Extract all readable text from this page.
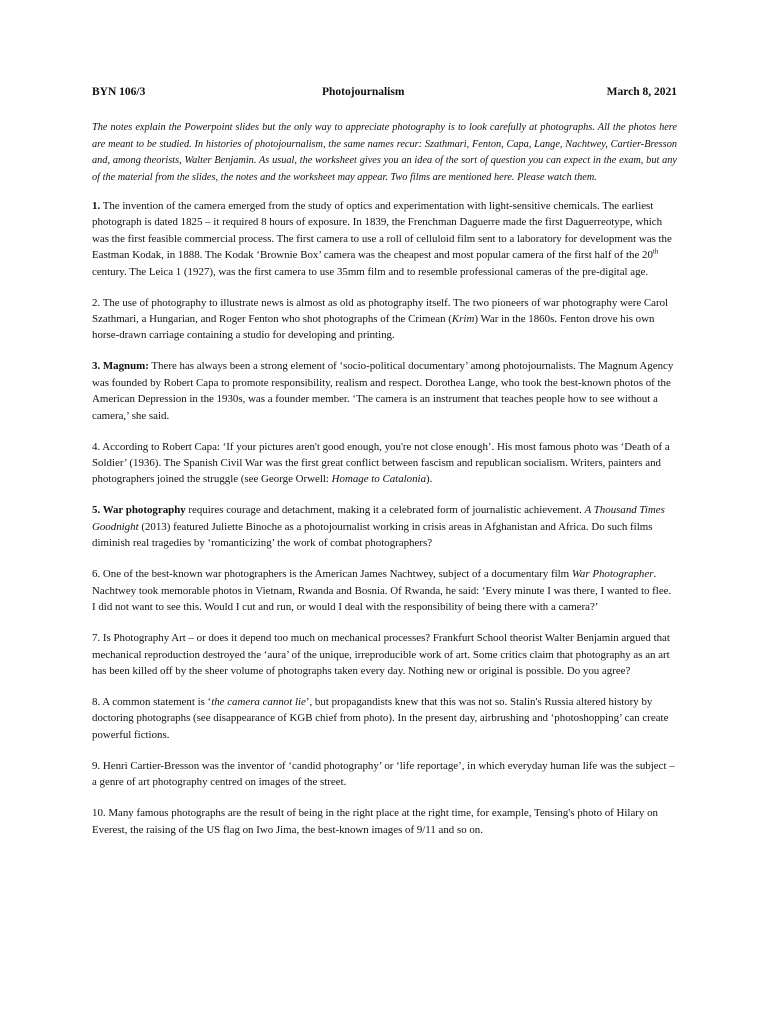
BYN 106/3	Photojournalism	March 8, 2021

The notes explain the Powerpoint slides but the only way to appreciate photography is to look carefully at photographs. All the photos here are meant to be studied. In histories of photojournalism, the same names recur: Szathmari, Fenton, Capa, Lange, Nachtwey, Cartier-Bresson and, among theorists, Walter Benjamin. As usual, the worksheet gives you an idea of the sort of question you can expect in the exam, but any of the material from the slides, the notes and the worksheet may appear. Two films are mentioned here. Please watch them.

1. The invention of the camera emerged from the study of optics and experimentation with light-sensitive chemicals. The earliest photograph is dated 1825 – it required 8 hours of exposure. In 1839, the Frenchman Daguerre made the first Daguerreotype, which was the first feasible commercial process. The first camera to use a roll of celluloid film sent to a laboratory for development was the Eastman Kodak, in 1888. The Kodak ‘Brownie Box’ camera was the cheapest and most popular camera of the first half of the 20th century. The Leica 1 (1927), was the first camera to use 35mm film and to resemble professional cameras of the pre-digital age.

2. The use of photography to illustrate news is almost as old as photography itself. The two pioneers of war photography were Carol Szathmari, a Hungarian, and Roger Fenton who shot photographs of the Crimean (Krim) War in the 1860s. Fenton drove his own horse-drawn carriage containing a studio for developing and printing.

3. Magnum: There has always been a strong element of ‘socio-political documentary’ among photojournalists. The Magnum Agency was founded by Robert Capa to promote responsibility, realism and respect. Dorothea Lange, who took the best-known photos of the American Depression in the 1930s, was a founder member. ‘The camera is an instrument that teaches people how to see without a camera,’ she said.

4. According to Robert Capa: ‘If your pictures aren't good enough, you're not close enough’. His most famous photo was ‘Death of a Soldier’ (1936). The Spanish Civil War was the first great conflict between fascism and republican socialism. Writers, painters and photographers joined the struggle (see George Orwell: Homage to Catalonia).

5. War photography requires courage and detachment, making it a celebrated form of journalistic achievement. A Thousand Times Goodnight (2013) featured Juliette Binoche as a photojournalist working in crisis areas in Afghanistan and Africa. Do such films diminish real tragedies by ‘romanticizing’ the work of combat photographers?

6. One of the best-known war photographers is the American James Nachtwey, subject of a documentary film War Photographer. Nachtwey took memorable photos in Vietnam, Rwanda and Bosnia. Of Rwanda, he said: ‘Every minute I was there, I wanted to flee. I did not want to see this. Would I cut and run, or would I deal with the responsibility of being there with a camera?’

7. Is Photography Art – or does it depend too much on mechanical processes? Frankfurt School theorist Walter Benjamin argued that mechanical reproduction destroyed the ‘aura’ of the unique, irreproducible work of art. Some critics claim that photography as an art has been killed off by the sheer volume of photographs taken every day. Nothing new or original is possible. Do you agree?

8. A common statement is ‘the camera cannot lie’, but propagandists knew that this was not so. Stalin's Russia altered history by doctoring photographs (see disappearance of KGB chief from photo). In the present day, airbrushing and ‘photoshopping’ can create powerful fictions.

9. Henri Cartier-Bresson was the inventor of ‘candid photography’ or ‘life reportage’, in which everyday human life was the subject – a genre of art photography centred on images of the street.

10. Many famous photographs are the result of being in the right place at the right time, for example, Tensing's photo of Hilary on Everest, the raising of the US flag on Iwo Jima, the best-known images of 9/11 and so on.
